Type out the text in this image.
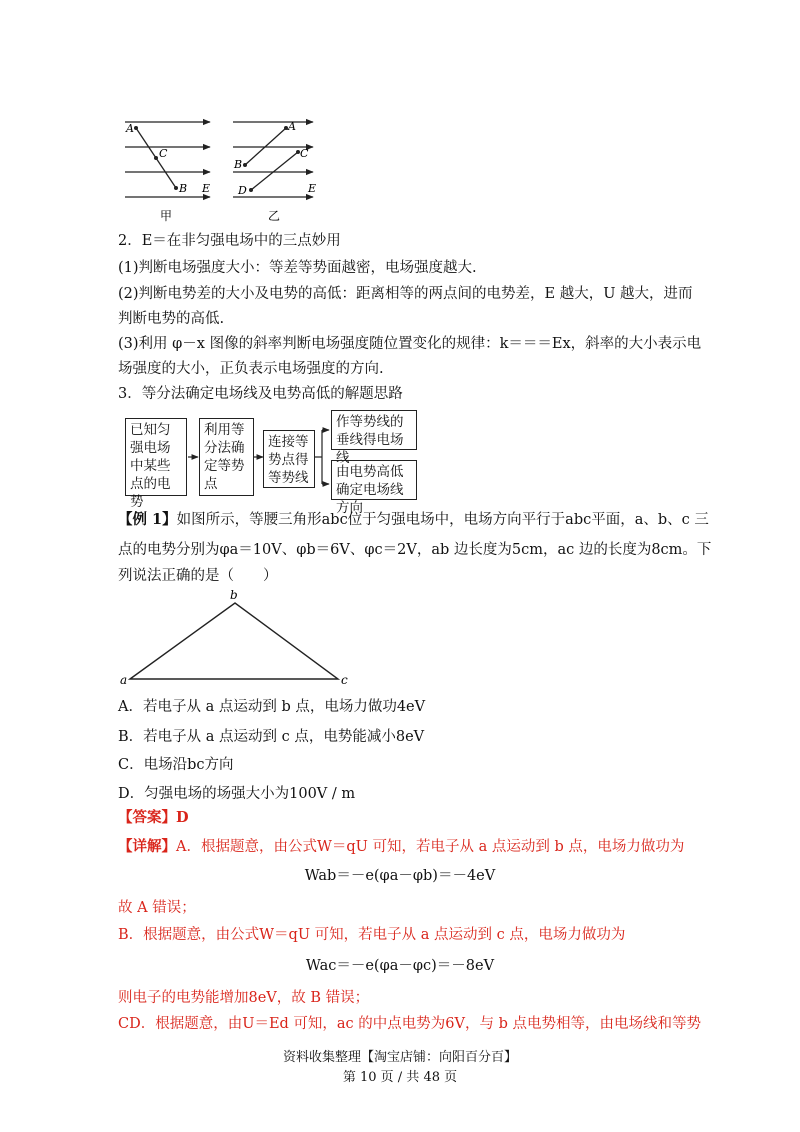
A
C
B E
A
C
B
D	E
甲	乙
2．E＝在非匀强电场中的三点妙用
(1)判断电场强度大小：等差等势面越密，电场强度越大.
(2)判断电势差的大小及电势的高低：距离相等的两点间的电势差，E 越大，U 越大，进而
判断电势的高低.
(3)利用 φ－x 图像的斜率判断电场强度随位置变化的规律：k＝＝＝Ex，斜率的大小表示电
场强度的大小，正负表示电场强度的方向.
3．等分法确定电场线及电势高低的解题思路
已知匀强电场中某些点的电势
利用等分法确定等势点
连接等势点得等势线
作等势线的垂线得电场线
由电势高低确定电场线方向
【例 1】如图所示，等腰三角形abc位于匀强电场中，电场方向平行于abc平面，a、b、c 三
点的电势分别为φa＝10V、φb＝6V、φc＝2V，ab 边长度为5cm，ac 边的长度为8cm。下
列说法正确的是（　　）
b
a	c
A．若电子从 a 点运动到 b 点，电场力做功4eV
B．若电子从 a 点运动到 c 点，电势能减小8eV
C．电场沿bc方向
D．匀强电场的场强大小为100V / m
【答案】D
【详解】A．根据题意，由公式W＝qU 可知，若电子从 a 点运动到 b 点，电场力做功为
Wab＝－e(φa－φb)＝－4eV
故 A 错误；
B．根据题意，由公式W＝qU 可知，若电子从 a 点运动到 c 点，电场力做功为
Wac＝－e(φa－φc)＝－8eV
则电子的电势能增加8eV，故 B 错误；
CD．根据题意，由U＝Ed 可知，ac 的中点电势为6V，与 b 点电势相等，由电场线和等势
资料收集整理【淘宝店铺：向阳百分百】
第 10 页 / 共 48 页
